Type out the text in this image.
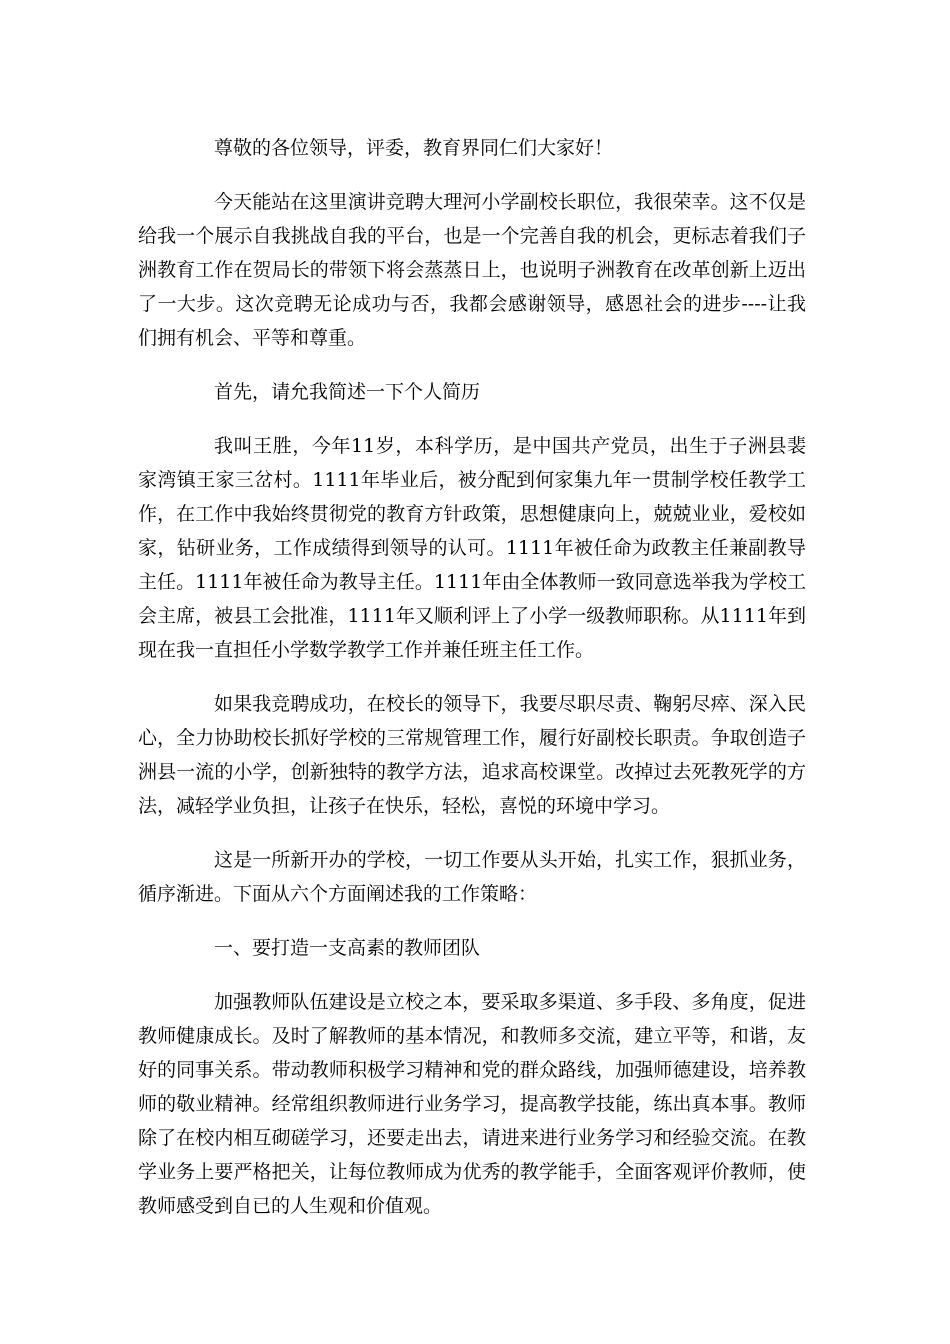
尊敬的各位领导，评委，教育界同仁们大家好！

今天能站在这里演讲竞聘大理河小学副校长职位，我很荣幸。这不仅是给我一个展示自我挑战自我的平台，也是一个完善自我的机会，更标志着我们子洲教育工作在贺局长的带领下将会蒸蒸日上，也说明子洲教育在改革创新上迈出了一大步。这次竞聘无论成功与否，我都会感谢领导，感恩社会的进步----让我们拥有机会、平等和尊重。

首先，请允我简述一下个人简历

我叫王胜，今年11岁，本科学历，是中国共产党员，出生于子洲县裴家湾镇王家三岔村。1111年毕业后，被分配到何家集九年一贯制学校任教学工作，在工作中我始终贯彻党的教育方针政策，思想健康向上，兢兢业业，爱校如家，钻研业务，工作成绩得到领导的认可。1111年被任命为政教主任兼副教导主任。1111年被任命为教导主任。1111年由全体教师一致同意选举我为学校工会主席，被县工会批准，1111年又顺利评上了小学一级教师职称。从1111年到现在我一直担任小学数学教学工作并兼任班主任工作。

如果我竞聘成功，在校长的领导下，我要尽职尽责、鞠躬尽瘁、深入民心，全力协助校长抓好学校的三常规管理工作，履行好副校长职责。争取创造子洲县一流的小学，创新独特的教学方法，追求高校课堂。改掉过去死教死学的方法，减轻学业负担，让孩子在快乐，轻松，喜悦的环境中学习。

这是一所新开办的学校，一切工作要从头开始，扎实工作，狠抓业务，循序渐进。下面从六个方面阐述我的工作策略：

一、要打造一支高素的教师团队

加强教师队伍建设是立校之本，要采取多渠道、多手段、多角度，促进教师健康成长。及时了解教师的基本情况，和教师多交流，建立平等，和谐，友好的同事关系。带动教师积极学习精神和党的群众路线，加强师德建设，培养教师的敬业精神。经常组织教师进行业务学习，提高教学技能，练出真本事。教师除了在校内相互砌磋学习，还要走出去，请进来进行业务学习和经验交流。在教学业务上要严格把关，让每位教师成为优秀的教学能手，全面客观评价教师，使教师感受到自已的人生观和价值观。
